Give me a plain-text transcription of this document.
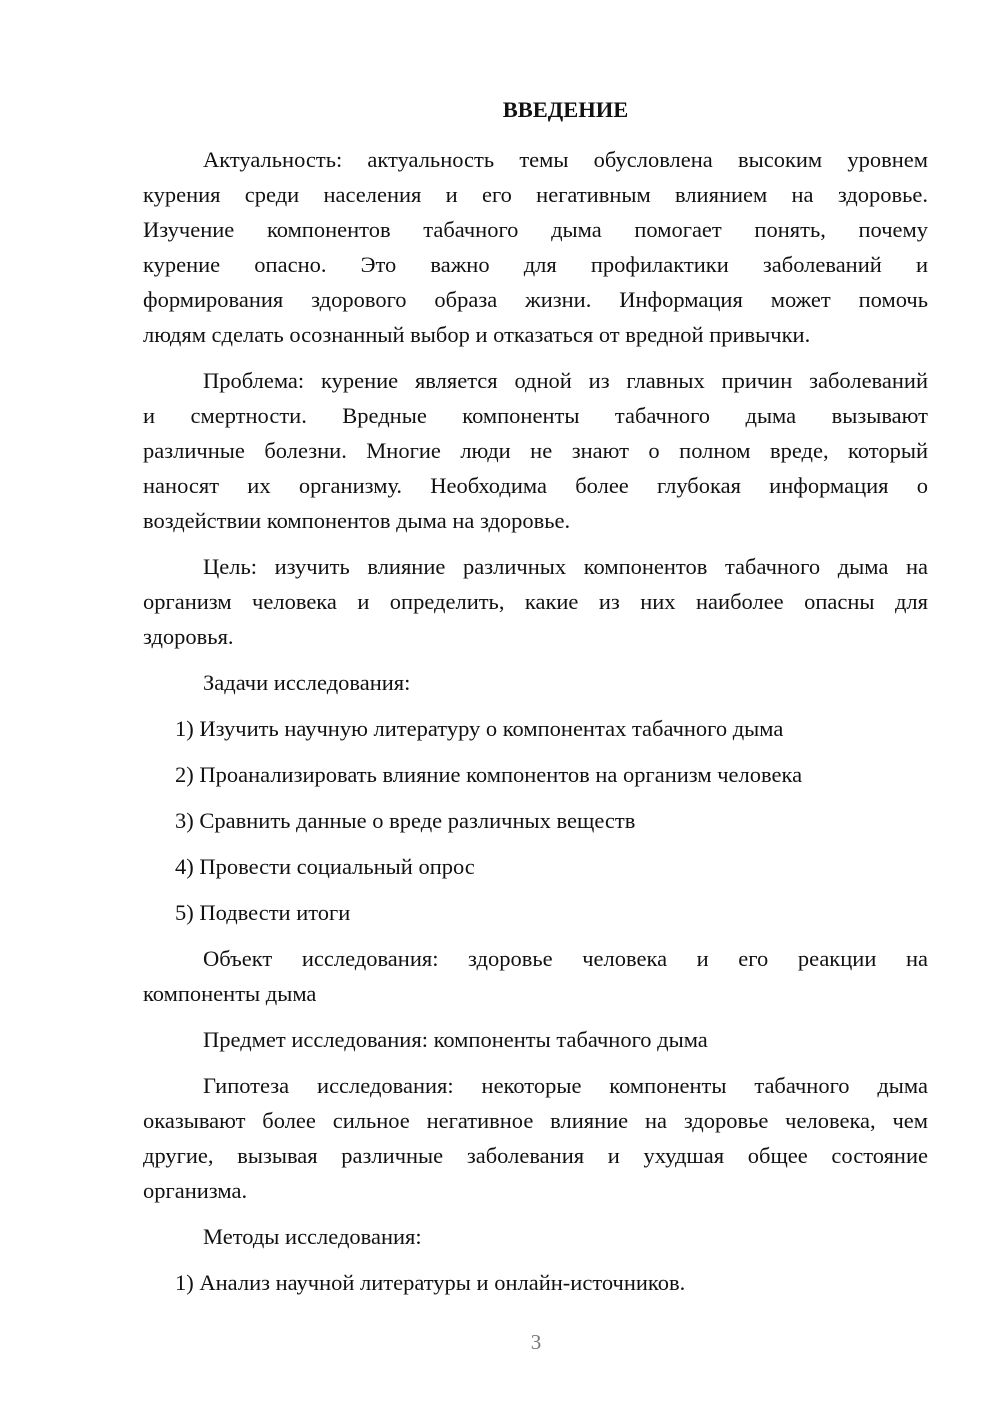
ВВЕДЕНИЕ
Актуальность: актуальность темы обусловлена высоким уровнем
курения среди населения и его негативным влиянием на здоровье.
Изучение компонентов табачного дыма помогает понять, почему
курение опасно. Это важно для профилактики заболеваний и
формирования здорового образа жизни. Информация может помочь
людям сделать осознанный выбор и отказаться от вредной привычки.
Проблема: курение является одной из главных причин заболеваний
и смертности. Вредные компоненты табачного дыма вызывают
различные болезни. Многие люди не знают о полном вреде, который
наносят их организму. Необходима более глубокая информация о
воздействии компонентов дыма на здоровье.
Цель: изучить влияние различных компонентов табачного дыма на
организм человека и определить, какие из них наиболее опасны для
здоровья.
Задачи исследования:
1) Изучить научную литературу о компонентах табачного дыма
2) Проанализировать влияние компонентов на организм человека
3) Сравнить данные о вреде различных веществ
4) Провести социальный опрос
5) Подвести итоги
Объект исследования: здоровье человека и его реакции на
компоненты дыма
Предмет исследования: компоненты табачного дыма
Гипотеза исследования: некоторые компоненты табачного дыма
оказывают более сильное негативное влияние на здоровье человека, чем
другие, вызывая различные заболевания и ухудшая общее состояние
организма.
Методы исследования:
1) Анализ научной литературы и онлайн-источников.
3
